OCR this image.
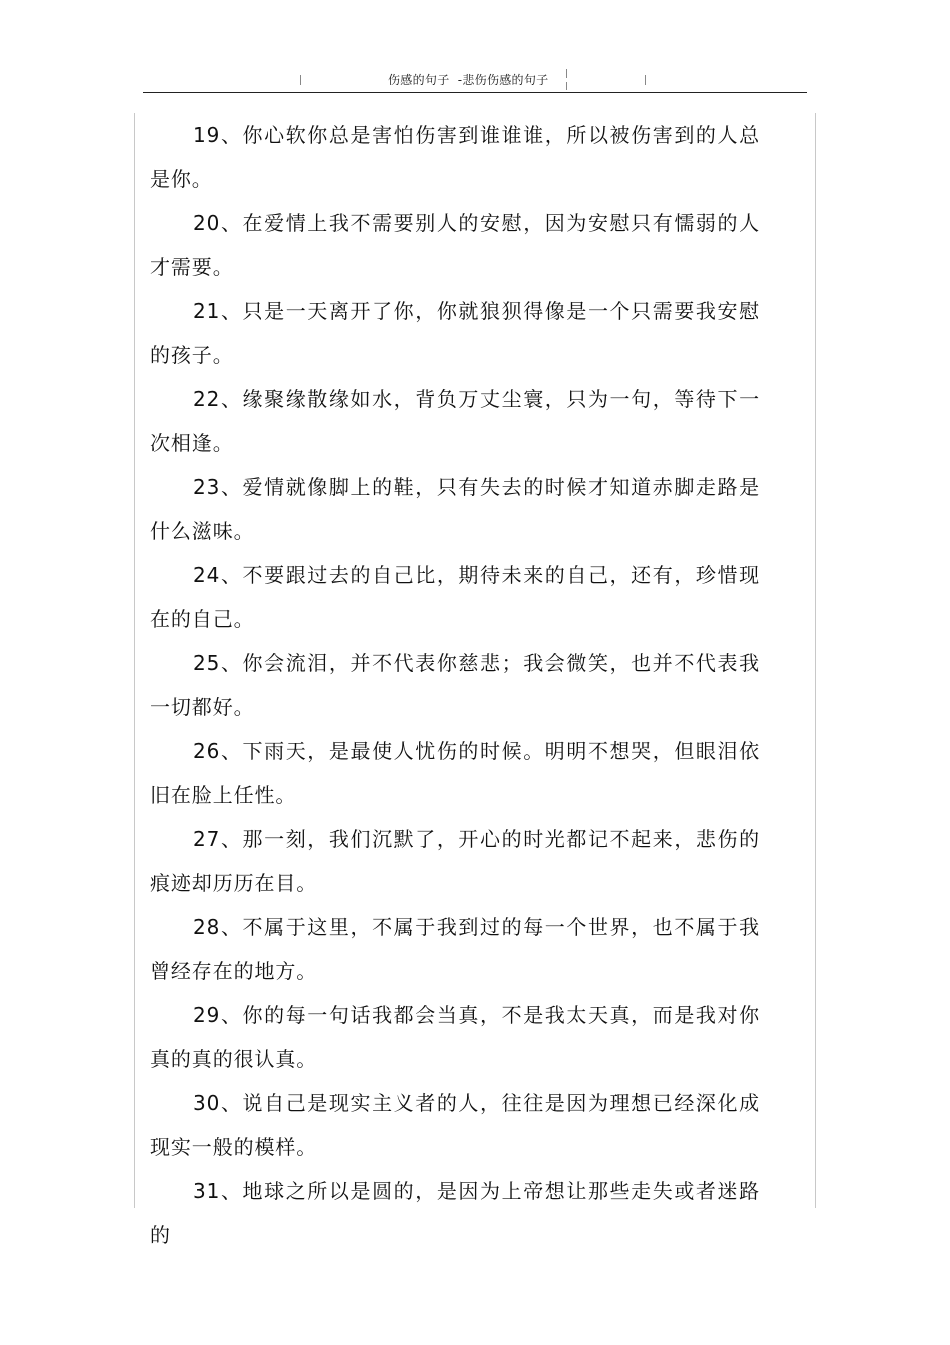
伤感的句子  -悲伤伤感的句子

19、你心软你总是害怕伤害到谁谁谁，所以被伤害到的人总是你。

20、在爱情上我不需要别人的安慰，因为安慰只有懦弱的人才需要。

21、只是一天离开了你，你就狼狈得像是一个只需要我安慰的孩子。

22、缘聚缘散缘如水，背负万丈尘寰，只为一句，等待下一次相逢。

23、爱情就像脚上的鞋，只有失去的时候才知道赤脚走路是什么滋味。

24、不要跟过去的自己比，期待未来的自己，还有，珍惜现在的自己。

25、你会流泪，并不代表你慈悲；我会微笑，也并不代表我一切都好。

26、下雨天，是最使人忧伤的时候。明明不想哭，但眼泪依旧在脸上任性。

27、那一刻，我们沉默了，开心的时光都记不起来，悲伤的痕迹却历历在目。

28、不属于这里，不属于我到过的每一个世界，也不属于我曾经存在的地方。

29、你的每一句话我都会当真，不是我太天真，而是我对你真的真的很认真。

30、说自己是现实主义者的人，往往是因为理想已经深化成现实一般的模样。

31、地球之所以是圆的，是因为上帝想让那些走失或者迷路的
